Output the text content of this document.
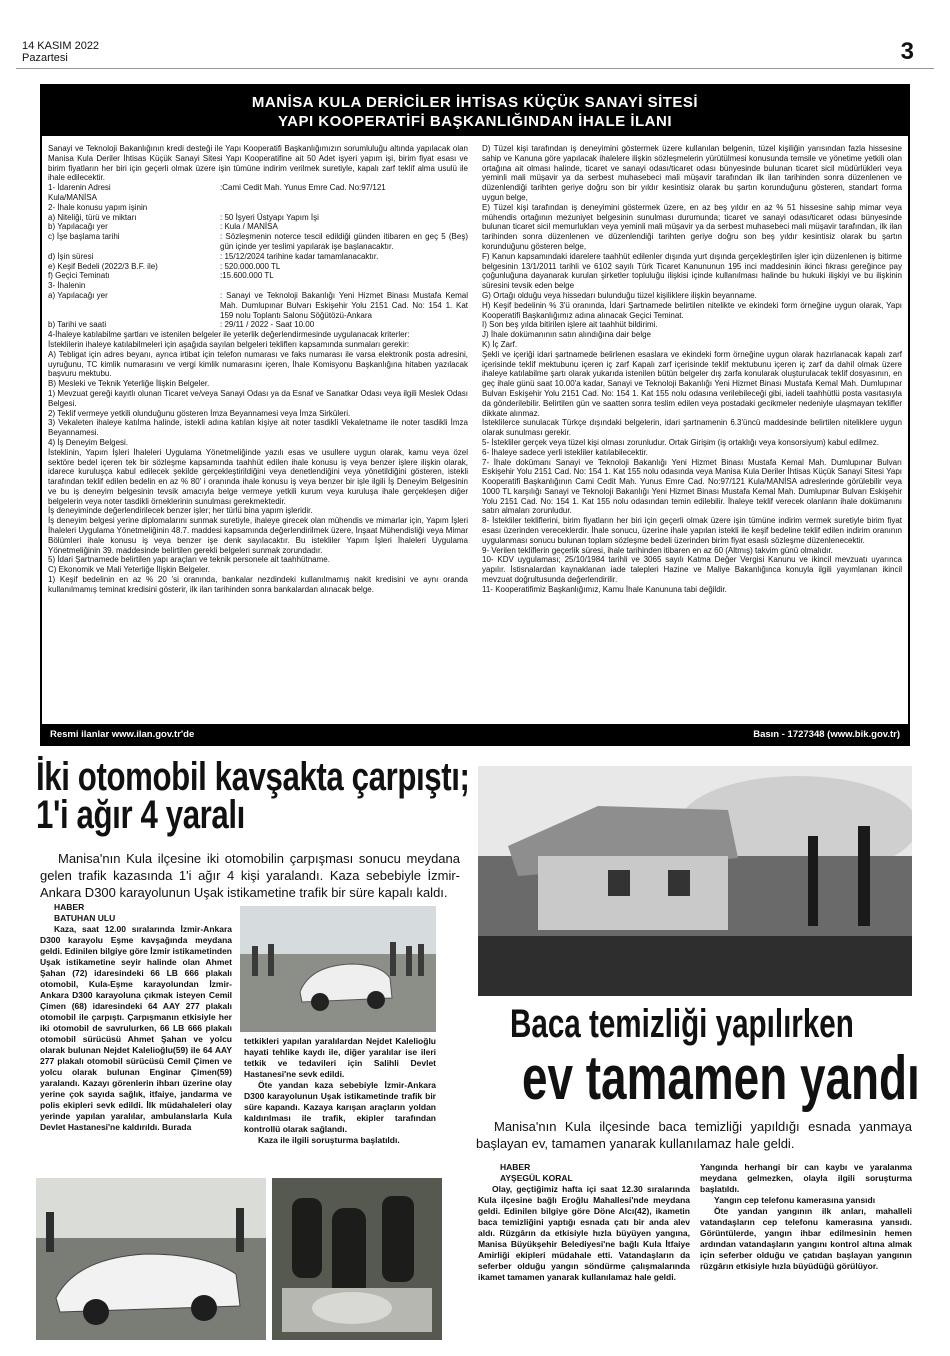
14 KASIM 2022
Pazartesi	3
MANİSA KULA DERİCİLER İHTİSAS KÜÇÜK SANAYİ SİTESİ
YAPI KOOPERATİFİ BAŞKANLIĞINDAN İHALE İLANI

Sanayi ve Teknoloji Bakanlığının kredi desteği ile Yapı Kooperatifi Başkanlığımızın sorumluluğu altında yapılacak olan Manisa Kula Deriler İhtisas Küçük Sanayi Sitesi Yapı Kooperatifine ait 50 Adet işyeri yapım işi, birim fiyat esası ve birim fiyatların her biri için geçerli olmak üzere işin tümüne indirim verilmek suretiyle, kapalı zarf teklif alma usulü ile ihale edilecektir.

1- İdarenin Adresi	:Cami Cedit Mah. Yunus Emre Cad. No:97/121
Kula/MANİSA
2- İhale konusu yapım işinin
a) Niteliği, türü ve miktarı	: 50 İşyeri Üstyapı Yapım İşi
b) Yapılacağı yer	: Kula / MANİSA
c) İşe başlama tarihi	: Sözleşmenin noterce tescil edildiği günden itibaren en geç 5 (Beş) gün içinde yer teslimi yapılarak işe başlanacaktır.
d) İşin süresi	: 15/12/2024 tarihine kadar tamamlanacaktır.
e) Keşif Bedeli (2022/3 B.F. ile)	: 520.000.000 TL
f) Geçici Teminatı	:15.600.000 TL
3- İhalenin
a) Yapılacağı yer	: Sanayi ve Teknoloji Bakanlığı Yeni Hizmet Binası Mustafa Kemal Mah. Dumlupınar Bulvarı Eskişehir Yolu 2151 Cad. No: 154 1. Kat 159 nolu Toplantı Salonu Söğütözü-Ankara
b) Tarihi ve saati	: 29/11 / 2022 - Saat 10.00

4-İhaleye katılabilme şartları ve istenilen belgeler ile yeterlik değerlendirmesinde uygulanacak kriterler:

İsteklilerin ihaleye katılabilmeleri için aşağıda sayılan belgeleri tekliflerı kapsamında sunmaları gerekir:

A) Tebligat için adres beyanı, ayrıca irtibat için telefon numarası ve faks numarası ile varsa elektronik posta adresini, uyruğunu, TC kimlik numarasını ve vergi kimlik numarasını içeren, İhale Komisyonu Başkanlığına hitaben yazılacak başvuru mektubu.

B) Mesleki ve Teknik Yeterliğe İlişkin Belgeler.

1) Mevzuat gereği kayıtlı olunan Ticaret ve/veya Sanayi Odası ya da Esnaf ve Sanatkar Odası veya ilgili Meslek Odası Belgesi.

2) Teklif vermeye yetkili olunduğunu gösteren İmza Beyannamesi veya İmza Sirküleri.

3) Vekaleten ihaleye katılma halinde, istekli adına katılan kişiye ait noter tasdikli Vekaletname ile noter tasdikli İmza Beyannamesi.

4) İş Deneyim Belgesi.

İsteklinin, Yapım İşleri İhaleleri Uygulama Yönetmeliğinde yazılı esas ve usullere uygun olarak, kamu veya özel sektöre bedel içeren tek bir sözleşme kapsamında taahhüt edilen ihale konusu iş veya benzer işlere ilişkin olarak, idarece kuruluşça kabul edilecek şekilde gerçekleştirildiğini veya denetlendiğini veya yönetildiğini gösteren, istekli tarafından teklif edilen bedelin en az % 80' i oranında ihale konusu iş veya benzer bir işle ilgili İş Deneyim Belgesinin ve bu iş deneyim belgesinin tevsik amacıyla belge vermeye yetkili kurum veya kuruluşa ihale gerçekleşen diğer belgelerin veya noter tasdikli örneklerinin sunulması gerekmektedir.

İş deneyiminde değerlendirilecek benzer işler; her türlü bina yapım işleridir.

İş deneyim belgesi yerine diplomalarını sunmak suretiyle, ihaleye girecek olan mühendis ve mimarlar için, Yapım İşleri İhaleleri Uygulama Yönetmeliğinin 48.7. maddesi kapsamında değerlendirilmek üzere, İnşaat Mühendisliği veya Mimar Bölümleri ihale konusu iş veya benzer işe denk sayılacaktır. Bu istekliler Yapım İşleri İhaleleri Uygulama Yönetmeliğinin 39. maddesinde belirtilen gerekli belgeleri sunmak zorundadır.

5) İdari Şartnamede belirtilen yapı araçları ve teknik personele ait taahhütname.

C) Ekonomik ve Mali Yeterliğe İlişkin Belgeler.

1) Keşif bedelinin en az % 20 'si oranında, bankalar nezdindeki kullanılmamış nakit kredisini ve aynı oranda kullanılmamış teminat kredisini gösterir, ilk ilan tarihinden sonra bankalardan alınacak belge.

D) Tüzel kişi tarafından iş deneyimini göstermek üzere kullanılan belgenin, tüzel kişiliğin yarısından fazla hissesine sahip ve Kanuna göre yapılacak ihalelere ilişkin sözleşmelerin yürütülmesi konusunda temsile ve yönetime yetkili olan ortağına ait olması halinde, ticaret ve sanayi odası/ticaret odası bünyesinde bulunan ticaret sicil müdürlükleri veya yeminli mali müşavir ya da serbest muhasebeci mali müşavir tarafından ilk ilan tarihinden sonra düzenlenen ve düzenlendiği tarihten geriye doğru son bir yıldır kesintisiz olarak bu şartın korunduğunu gösteren, standart forma uygun belge,

E) Tüzel kişi tarafından iş deneyimini göstermek üzere, en az beş yıldır en az % 51 hissesine sahip mimar veya mühendis ortağının mezuniyet belgesinin sunulması durumunda; ticaret ve sanayi odası/ticaret odası bünyesinde bulunan ticaret sicil memurlukları veya yeminli mali müşavir ya da serbest muhasebeci mali müşavir tarafından, ilk ilan tarihinden sonra düzenlenen ve düzenlendiği tarihten geriye doğru son beş yıldır kesintisiz olarak bu şartın korunduğunu gösteren belge,

F) Kanun kapsamındaki idarelere taahhüt edilenler dışında yurt dışında gerçekleştirilen işler için düzenlenen iş bitirme belgesinin 13/1/2011 tarihli ve 6102 sayılı Türk Ticaret Kanununun 195 inci maddesinin ikinci fıkrası gereğince pay çoğunluğuna dayanarak kurulan şirketler topluluğu ilişkisi içinde kullanılması halinde bu hukuki ilişkiyi ve bu ilişkinin süresini tevsik eden belge

G) Ortağı olduğu veya hissedarı bulunduğu tüzel kişiliklere ilişkin beyanname.

H) Keşif bedelinin % 3'ü oranında, İdari Şartnamede belirtilen nitelikte ve ekindeki form örneğine uygun olarak, Yapı Kooperatifi Başkanlığımız adına alınacak Geçici Teminat.

I) Son beş yılda bitirilen işlere ait taahhüt bildirimi.

J) İhale dokümanının satın alındığına dair belge

K) İç Zarf.

Şekli ve içeriği idari şartnamede belirlenen esaslara ve ekindeki form örneğine uygun olarak hazırlanacak kapalı zarf içerisinde teklif mektubunu içeren iç zarf Kapalı zarf içerisinde teklif mektubunu içeren iç zarf da dahil olmak üzere ihaleye katılabilme şartı olarak yukarıda istenilen bütün belgeler dış zarfa konularak oluşturulacak teklif dosyasının, en geç ihale günü saat 10.00'a kadar, Sanayi ve Teknoloji Bakanlığı Yeni Hizmet Binası Mustafa Kemal Mah. Dumlupınar Bulvarı Eskişehir Yolu 2151 Cad. No: 154 1. Kat 155 nolu odasına verilebileceği gibi, iadeli taahhütlü posta vasıtasıyla da gönderilebilir. Belirtilen gün ve saatten sonra teslim edilen veya postadaki gecikmeler nedeniyle ulaşmayan teklifler dikkate alınmaz.

İsteklilerce sunulacak Türkçe dışındaki belgelerin, idari şartnamenin 6.3'üncü maddesinde belirtilen niteliklere uygun olarak sunulması gerekir.

5- İstekliler gerçek veya tüzel kişi olması zorunludur. Ortak Girişim (iş ortaklığı veya konsorsiyum) kabul edilmez.

6- İhaleye sadece yerli istekliler katılabilecektir.

7- İhale dokümanı Sanayi ve Teknoloji Bakanlığı Yeni Hizmet Binası Mustafa Kemal Mah. Dumlupınar Bulvarı Eskişehir Yolu 2151 Cad. No: 154 1. Kat 155 nolu odasında veya Manisa Kula Deriler İhtisas Küçük Sanayi Sitesi Yapı Kooperatifi Başkanlığının Cami Cedit Mah. Yunus Emre Cad. No:97/121 Kula/MANİSA adreslerinde görülebilir veya 1000 TL karşılığı Sanayi ve Teknoloji Bakanlığı Yeni Hizmet Binası Mustafa Kemal Mah. Dumlupınar Bulvarı Eskişehir Yolu 2151 Cad. No: 154 1. Kat 155 nolu odasından temin edilebilir. İhaleye teklif verecek olanların ihale dokümanını satın almaları zorunludur.

8- İstekliler tekliflerini, birim fiyatların her biri için geçerli olmak üzere işin tümüne indirim vermek suretiyle birim fiyat esası üzerinden vereceklerdir. İhale sonucu, üzerine ihale yapılan istekli ile keşif bedeline teklif edilen indirim oranının uygulanması sonucu bulunan toplam sözleşme bedeli üzerinden birim fiyat esaslı sözleşme düzenlenecektir.

9- Verilen tekliflerin geçerlik süresi, ihale tarihinden itibaren en az 60 (Altmış) takvim günü olmalıdır.

10- KDV uygulaması; 25/10/1984 tarihli ve 3065 sayılı Katma Değer Vergisi Kanunu ve ikincil mevzuatı uyarınca yapılır. İstisnalardan kaynaklanan iade talepleri Hazine ve Maliye Bakanlığınca konuyla ilgili yayımlanan ikincil mevzuat doğrultusunda değerlendirilir.

11- Kooperatifimiz Başkanlığımız, Kamu İhale Kanununa tabi değildir.

Resmi ilanlar www.ilan.gov.tr'de	Basın - 1727348 (www.bik.gov.tr)
İki otomobil kavşakta çarpıştı;
1'i ağır 4 yaralı
Manisa'nın Kula ilçesine iki otomobilin çarpışması sonucu meydana gelen trafik kazasında 1'i ağır 4 kişi yaralandı. Kaza sebebiyle İzmir-Ankara D300 karayolunun Uşak istikametine trafik bir süre kapalı kaldı.
HABER
BATUHAN ULU
Kaza, saat 12.00 sıralarında İzmir-Ankara D300 karayolu Eşme kavşağında meydana geldi. Edinilen bilgiye göre İzmir istikametinden Uşak istikametine seyir halinde olan Ahmet Şahan (72) idaresindeki 66 LB 666 plakalı otomobil, Kula-Eşme karayolundan İzmir-Ankara D300 karayoluna çıkmak isteyen Cemil Çimen (68) idaresindeki 64 AAY 277 plakalı otomobil ile çarpıştı. Çarpışmanın etkisiyle her iki otomobil de savrulurken, 66 LB 666 plakalı otomobil sürücüsü Ahmet Şahan ve yolcu olarak bulunan Nejdet Kalelioğlu(59) ile 64 AAY 277 plakalı otomobil sürücüsü Cemil Çimen ve yolcu olarak bulunan Enginar Çimen(59) yaralandı. Kazayı görenlerin ihbarı üzerine olay yerine çok sayıda sağlık, itfaiye, jandarma ve polis ekipleri sevk edildi. İlk müdahaleleri olay yerinde yapılan yaralılar, ambulanslarla Kula Devlet Hastanesi'ne kaldırıldı. Burada
tetkikleri yapılan yaralılardan Nejdet Kalelioğlu hayati tehlike kaydı ile, diğer yaralılar ise ileri tetkik ve tedavileri için Salihli Devlet Hastanesi'ne sevk edildi.
Öte yandan kaza sebebiyle İzmir-Ankara D300 karayolunun Uşak istikametinde trafik bir süre kapandı. Kazaya karışan araçların yoldan kaldırılması ile trafik, ekipler tarafından kontrollü olarak sağlandı.
Kaza ile ilgili soruşturma başlatıldı.
Baca temizliği yapılırken
ev tamamen yandı
Manisa'nın Kula ilçesinde baca temizliği yapıldığı esnada yanmaya başlayan ev, tamamen yanarak kullanılamaz hale geldi.
HABER
AYŞEGÜL KORAL
Olay, geçtiğimiz hafta içi saat 12.30 sıralarında Kula ilçesine bağlı Eroğlu Mahallesi'nde meydana geldi. Edinilen bilgiye göre Döne Alcı(42), ikametin baca temizliğini yaptığı esnada çatı bir anda alev aldı. Rüzgârın da etkisiyle hızla büyüyen yangına, Manisa Büyükşehir Belediyesi'ne bağlı Kula İtfaiye Amirliği ekipleri müdahale etti. Vatandaşların da seferber olduğu yangın söndürme çalışmalarında ikamet tamamen yanarak kullanılamaz hale geldi.
Yangında herhangi bir can kaybı ve yaralanma meydana gelmezken, olayla ilgili soruşturma başlatıldı.
Yangın cep telefonu kamerasına yansıdı
Öte yandan yangının ilk anları, mahalleli vatandaşların cep telefonu kamerasına yansıdı. Görüntülerde, yangın ihbar edilmesinin hemen ardından vatandaşların yangını kontrol altına almak için seferber olduğu ve çatıdan başlayan yangının rüzgârın etkisiyle hızla büyüdüğü görülüyor.
